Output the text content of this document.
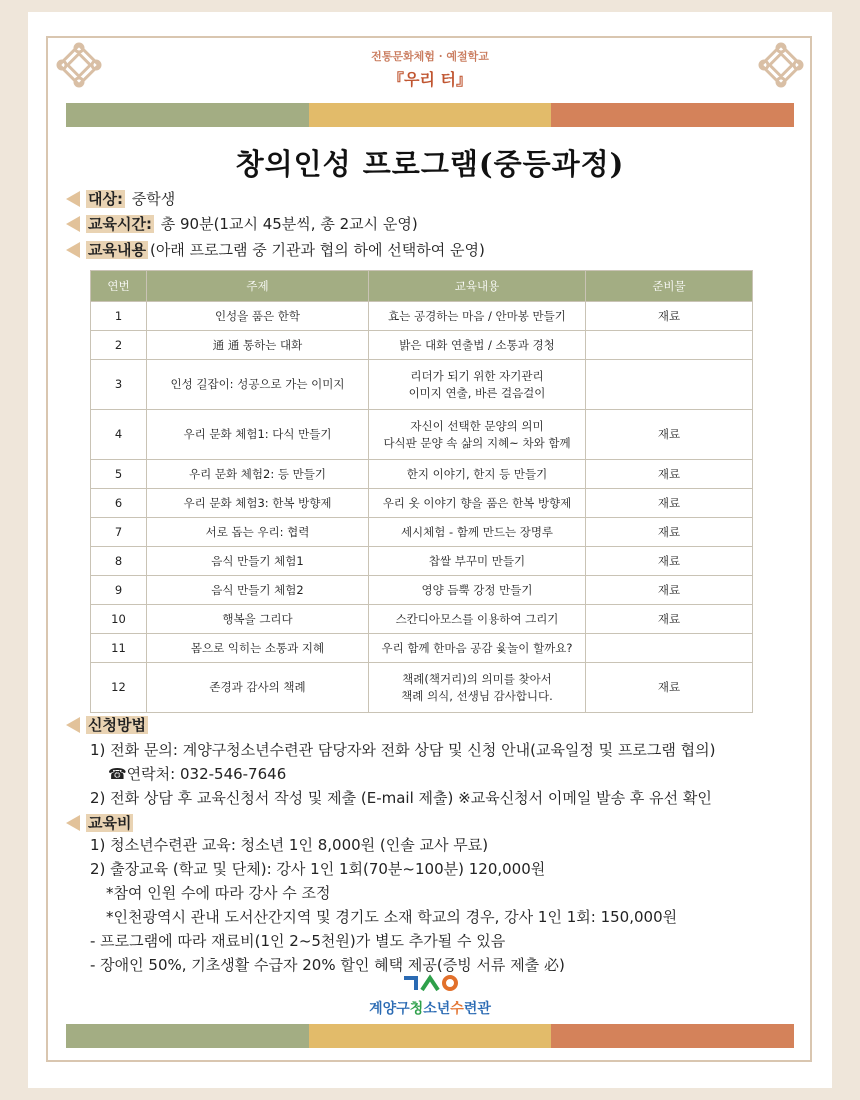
전통문화체험 · 예절학교
『우리 터』
창의인성 프로그램(중등과정)
대상: 중학생
교육시간: 총 90분(1교시 45분씩, 총 2교시 운영)
교육내용 (아래 프로그램 중 기관과 협의 하에 선택하여 운영)
연번	주제	교육내용	준비물
1	인성을 품은 한학	효는 공경하는 마음 / 안마봉 만들기	재료
2	通 通 통하는 대화	밝은 대화 연출법 / 소통과 경청	
3	인성 길잡이: 성공으로 가는 이미지	리더가 되기 위한 자기관리
이미지 연출, 바른 걸음걸이	
4	우리 문화 체험1: 다식 만들기	자신이 선택한 문양의 의미
다식판 문양 속 삶의 지혜~ 차와 함께	재료
5	우리 문화 체험2: 등 만들기	한지 이야기, 한지 등 만들기	재료
6	우리 문화 체험3: 한복 방향제	우리 옷 이야기 향을 품은 한복 방향제	재료
7	서로 돕는 우리: 협력	세시체험 - 함께 만드는 장명루	재료
8	음식 만들기 체험1	찹쌀 부꾸미 만들기	재료
9	음식 만들기 체험2	영양 듬뿍 강정 만들기	재료
10	행복을 그리다	스칸디아모스를 이용하여 그리기	재료
11	몸으로 익히는 소통과 지혜	우리 함께 한마음 공감 윷놀이 할까요?	
12	존경과 감사의 책례	책례(책거리)의 의미를 찾아서
책례 의식, 선생님 감사합니다.	재료
신청방법
1) 전화 문의: 계양구청소년수련관 담당자와 전화 상담 및 신청 안내(교육일정 및 프로그램 협의)
☎연락처: 032-546-7646
2) 전화 상담 후 교육신청서 작성 및 제출 (E-mail 제출) ※교육신청서 이메일 발송 후 유선 확인
교육비
1) 청소년수련관 교육: 청소년 1인 8,000원 (인솔 교사 무료)
2) 출장교육 (학교 및 단체): 강사 1인 1회(70분~100분) 120,000원
*참여 인원 수에 따라 강사 수 조정
*인천광역시 관내 도서산간지역 및 경기도 소재 학교의 경우, 강사 1인 1회: 150,000원
- 프로그램에 따라 재료비(1인 2~5천원)가 별도 추가될 수 있음
- 장애인 50%, 기초생활 수급자 20% 할인 혜택 제공(증빙 서류 제출 必)
계양구청소년수련관
